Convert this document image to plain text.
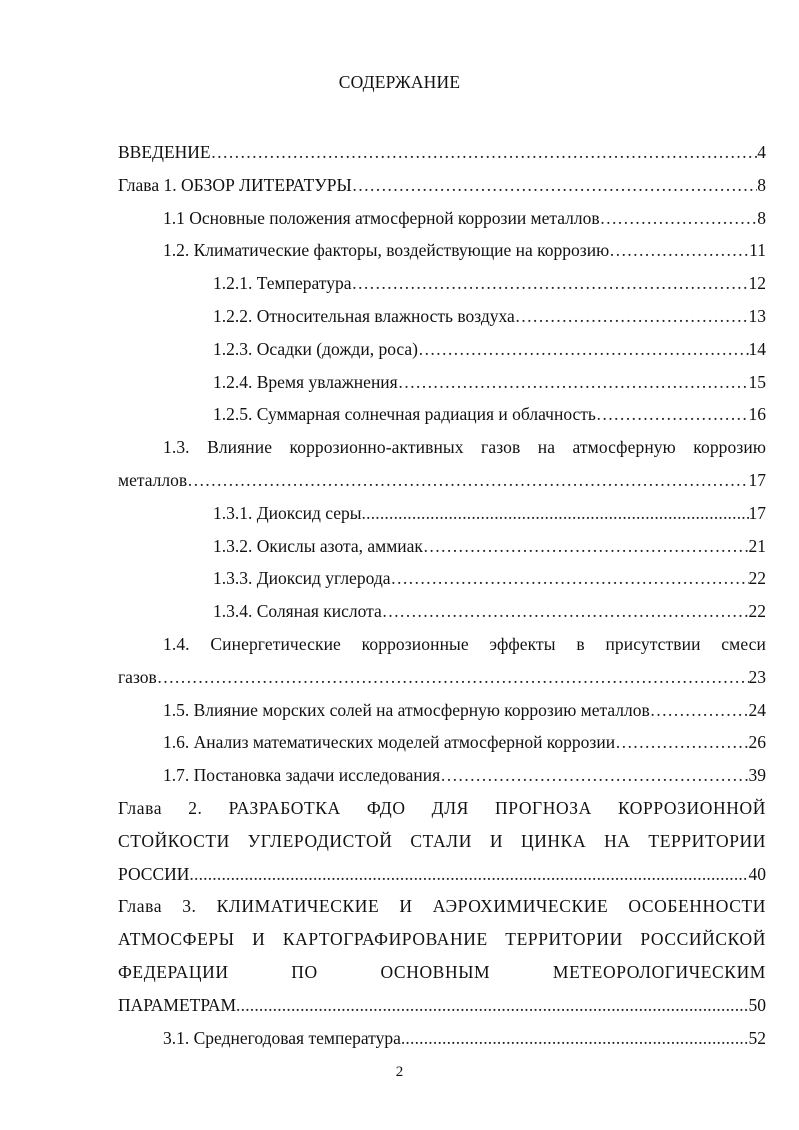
СОДЕРЖАНИЕ
ВВЕДЕНИЕ ……………………………………………………………………………………………………………………………………………………………………………………………………………………………………………	4
Глава 1. ОБЗОР ЛИТЕРАТУРЫ ……………………………………………………………………………………………………………………………………………………………………………………………………………………………………………	8
1.1 Основные положения атмосферной коррозии металлов ……………………………………………………………………………………………………………………………………………………………………………………………………………………………………………	8
1.2. Климатические факторы, воздействующие на коррозию ……………………………………………………………………………………………………………………………………………………………………………………………………………………………………………	11
1.2.1. Температура ……………………………………………………………………………………………………………………………………………………………………………………………………………………………………………	12
1.2.2. Относительная влажность воздуха ……………………………………………………………………………………………………………………………………………………………………………………………………………………………………………	13
1.2.3. Осадки (дожди, роса) ……………………………………………………………………………………………………………………………………………………………………………………………………………………………………………	14
1.2.4. Время увлажнения ……………………………………………………………………………………………………………………………………………………………………………………………………………………………………………	15
1.2.5. Суммарная солнечная радиация и облачность ……………………………………………………………………………………………………………………………………………………………………………………………………………………………………………	16
1.3. Влияние коррозионно-активных газов на атмосферную коррозию
металлов ……………………………………………………………………………………………………………………………………………………………………………………………………………………………………………	17
1.3.1. Диоксид серы .....	17
1.3.2. Окислы азота, аммиак ……………………………………………………………………………………………………………………………………………………………………………………………………………………………………………	21
1.3.3. Диоксид углерода ……………………………………………………………………………………………………………………………………………………………………………………………………………………………………………	22
1.3.4. Соляная кислота ……………………………………………………………………………………………………………………………………………………………………………………………………………………………………………	22
1.4. Синергетические коррозионные эффекты в присутствии смеси
газов ……………………………………………………………………………………………………………………………………………………………………………………………………………………………………………	23
1.5. Влияние морских солей на атмосферную коррозию металлов ……………………………………………………………………………………………………………………………………………………………………………………………………………………………………………	24
1.6. Анализ математических моделей атмосферной коррозии ……………………………………………………………………………………………………………………………………………………………………………………………………………………………………………	26
1.7. Постановка задачи исследования ……………………………………………………………………………………………………………………………………………………………………………………………………………………………………………	39
Глава 2. РАЗРАБОТКА ФДО ДЛЯ ПРОГНОЗА КОРРОЗИОННОЙ
СТОЙКОСТИ УГЛЕРОДИСТОЙ СТАЛИ И ЦИНКА НА ТЕРРИТОРИИ
РОССИИ .....	40
Глава 3. КЛИМАТИЧЕСКИЕ И АЭРОХИМИЧЕСКИЕ ОСОБЕННОСТИ
АТМОСФЕРЫ И КАРТОГРАФИРОВАНИЕ ТЕРРИТОРИИ РОССИЙСКОЙ
ФЕДЕРАЦИИ	ПО	ОСНОВНЫМ	МЕТЕОРОЛОГИЧЕСКИМ
ПАРАМЕТРАМ .....	50
3.1. Среднегодовая температура .....	52
2
